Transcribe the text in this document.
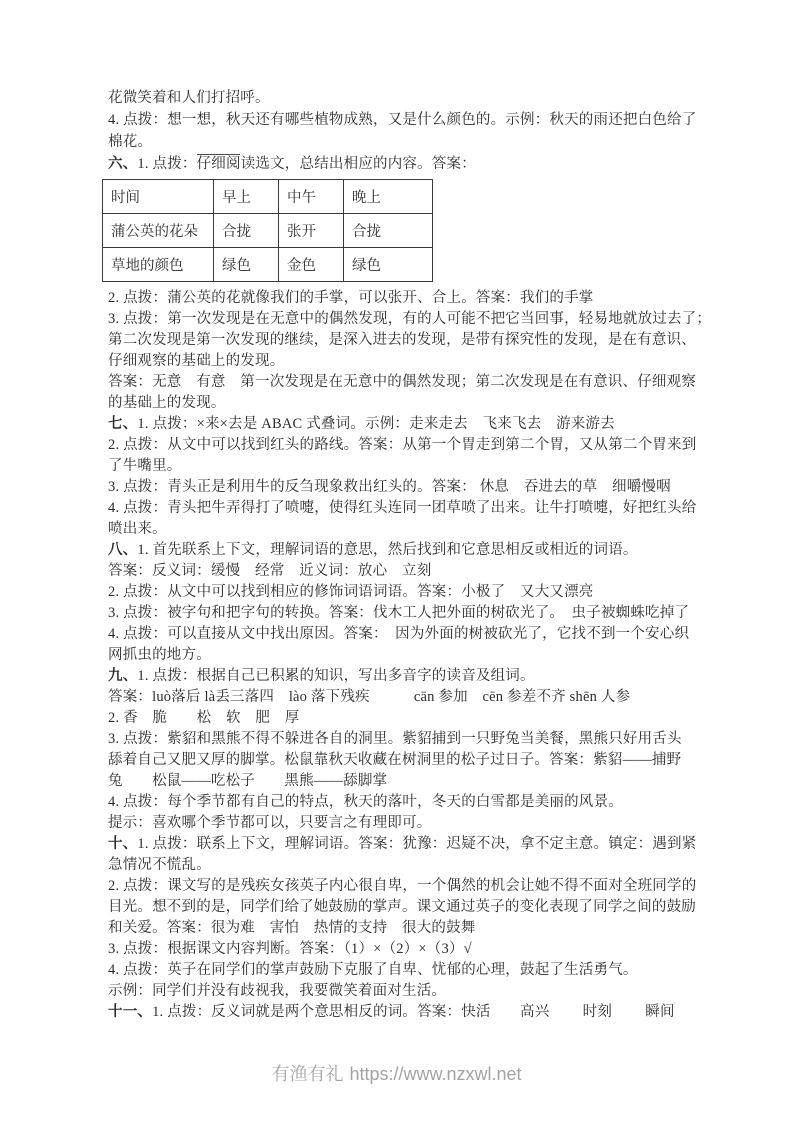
花微笑着和人们打招呼。
4. 点拨：想一想，秋天还有哪些植物成熟，又是什么颜色的。示例：秋天的雨还把白色给了
棉花。
六、1. 点拨：仔细阅读选文，总结出相应的内容。答案：
时间	早上	中午	晚上
蒲公英的花朵	合拢	张开	合拢
草地的颜色	绿色	金色	绿色
2. 点拨：蒲公英的花就像我们的手掌，可以张开、合上。答案：我们的手掌
3. 点拨：第一次发现是在无意中的偶然发现，有的人可能不把它当回事，轻易地就放过去了；
第二次发现是第一次发现的继续，是深入进去的发现，是带有探究性的发现，是在有意识、
仔细观察的基础上的发现。
答案：无意　有意　第一次发现是在无意中的偶然发现；第二次发现是在有意识、仔细观察
的基础上的发现。
七、1. 点拨：×来×去是 ABAC 式叠词。示例：走来走去　飞来飞去　游来游去
2. 点拨：从文中可以找到红头的路线。答案：从第一个胃走到第二个胃，又从第二个胃来到
了牛嘴里。
3. 点拨：青头正是利用牛的反刍现象救出红头的。答案： 休息　吞进去的草　细嚼慢咽
4. 点拨：青头把牛弄得打了喷嚏，使得红头连同一团草喷了出来。让牛打喷嚏，好把红头给
喷出来。
八、1. 首先联系上下文，理解词语的意思，然后找到和它意思相反或相近的词语。
答案：反义词：缓慢　经常　近义词：放心　立刻
2. 点拨：从文中可以找到相应的修饰词语词语。答案：小极了　又大又漂亮
3. 点拨：被字句和把字句的转换。答案：伐木工人把外面的树砍光了。　虫子被蜘蛛吃掉了
4. 点拨：可以直接从文中找出原因。答案：　因为外面的树被砍光了，它找不到一个安心织
网抓虫的地方。
九、1. 点拨：根据自己已积累的知识，写出多音字的读音及组词。
答案：luò落后 là丢三落四　lào 落下残疾　　　cān 参加　cēn 参差不齐 shēn 人参
2. 香　脆　　松　软　肥　厚
3. 点拨：紫貂和黑熊不得不躲进各自的洞里。紫貂捕到一只野兔当美餐，黑熊只好用舌头
舔着自己又肥又厚的脚掌。松鼠靠秋天收藏在树洞里的松子过日子。答案：紫貂——捕野
兔　　松鼠——吃松子　　黑熊——舔脚掌
4. 点拨：每个季节都有自己的特点，秋天的落叶，冬天的白雪都是美丽的风景。
提示：喜欢哪个季节都可以，只要言之有理即可。
十、1. 点拨：联系上下文，理解词语。答案：犹豫：迟疑不决，拿不定主意。镇定：遇到紧
急情况不慌乱。
2. 点拨：课文写的是残疾女孩英子内心很自卑，一个偶然的机会让她不得不面对全班同学的
目光。想不到的是，同学们给了她鼓励的掌声。课文通过英子的变化表现了同学之间的鼓励
和关爱。答案：很为难　害怕　热情的支持　很大的鼓舞
3. 点拨：根据课文内容判断。答案：（1）×（2）×（3）√
4. 点拨：英子在同学们的掌声鼓励下克服了自卑、忧郁的心理，鼓起了生活勇气。
示例：同学们并没有歧视我，我要微笑着面对生活。
十一、1. 点拨：反义词就是两个意思相反的词。答案：快活　　高兴　　 时刻　　 瞬间
有渔有礼 https://www.nzxwl.net
